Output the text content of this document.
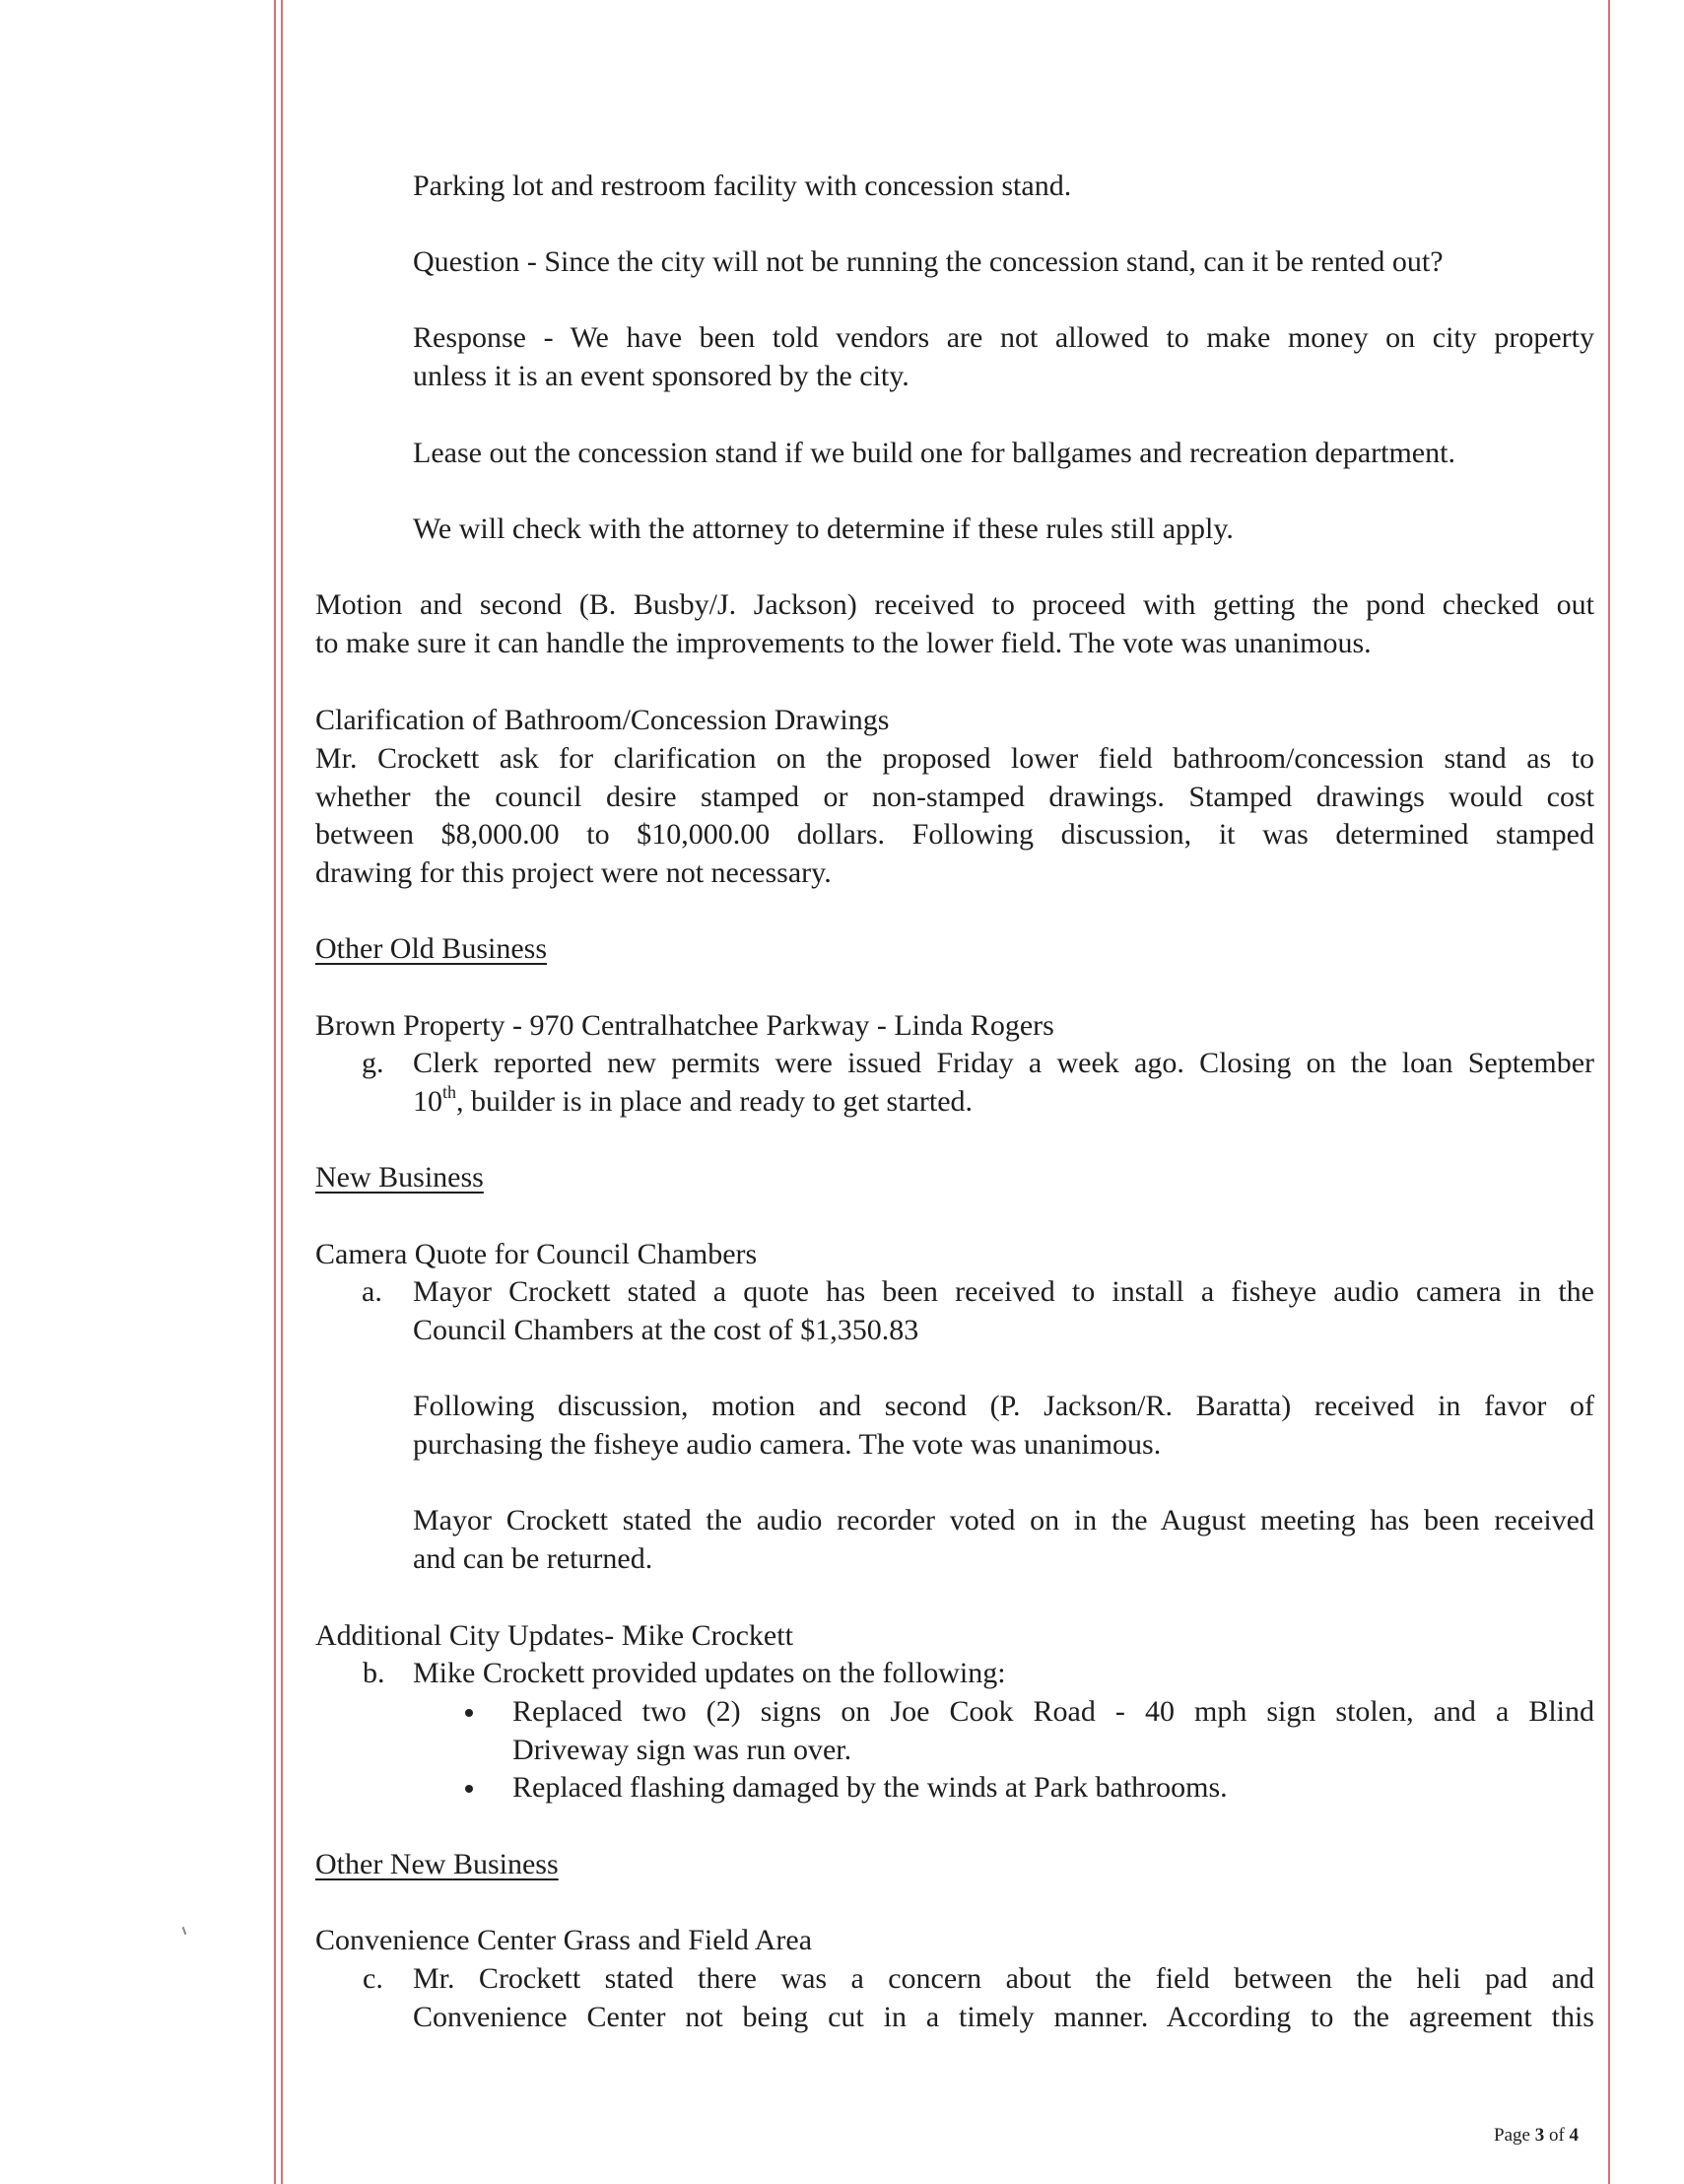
Parking lot and restroom facility with concession stand.

Question - Since the city will not be running the concession stand, can it be rented out?

Response - We have been told vendors are not allowed to make money on city property

unless it is an event sponsored by the city.

Lease out the concession stand if we build one for ballgames and recreation department.

We will check with the attorney to determine if these rules still apply.

Motion and second (B. Busby/J. Jackson) received to proceed with getting the pond checked out

to make sure it can handle the improvements to the lower field. The vote was unanimous.

Clarification of Bathroom/Concession Drawings

Mr. Crockett ask for clarification on the proposed lower field bathroom/concession stand as to

whether the council desire stamped or non-stamped drawings. Stamped drawings would cost

between $8,000.00 to $10,000.00 dollars. Following discussion, it was determined stamped

drawing for this project were not necessary.

Other Old Business

Brown Property - 970 Centralhatchee Parkway - Linda Rogers

g. Clerk reported new permits were issued Friday a week ago. Closing on the loan September

10th, builder is in place and ready to get started.

New Business

Camera Quote for Council Chambers

a. Mayor Crockett stated a quote has been received to install a fisheye audio camera in the

Council Chambers at the cost of $1,350.83

Following discussion, motion and second (P. Jackson/R. Baratta) received in favor of

purchasing the fisheye audio camera. The vote was unanimous.

Mayor Crockett stated the audio recorder voted on in the August meeting has been received

and can be returned.

Additional City Updates- Mike Crockett

b. Mike Crockett provided updates on the following:

Replaced two (2) signs on Joe Cook Road - 40 mph sign stolen, and a Blind

Driveway sign was run over.

Replaced flashing damaged by the winds at Park bathrooms.

Other New Business

Convenience Center Grass and Field Area

c. Mr. Crockett stated there was a concern about the field between the heli pad and

Convenience Center not being cut in a timely manner. According to the agreement this

Page 3 of 4
